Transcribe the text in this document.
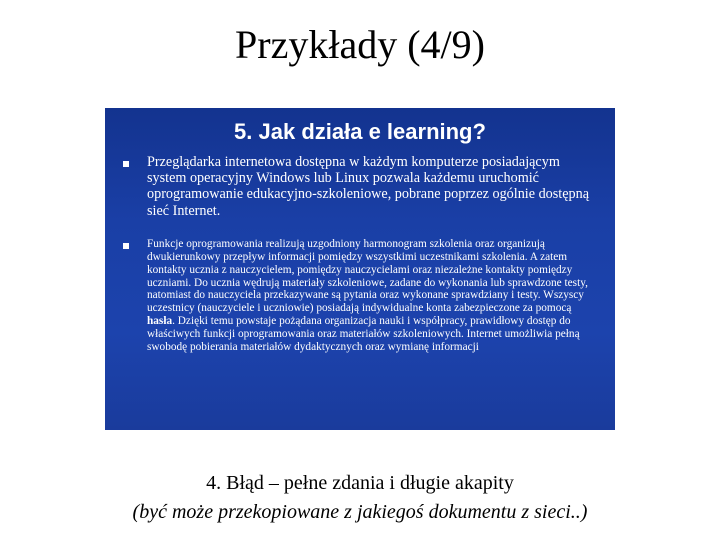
Przykłady (4/9)
5. Jak działa e learning?
Przeglądarka internetowa dostępna w każdym komputerze posiadającym system operacyjny Windows lub Linux pozwala każdemu uruchomić oprogramowanie edukacyjno-szkoleniowe, pobrane poprzez ogólnie dostępną sieć Internet.
Funkcje oprogramowania realizują uzgodniony harmonogram szkolenia oraz organizują dwukierunkowy przepływ informacji pomiędzy wszystkimi uczestnikami szkolenia. A zatem kontakty ucznia z nauczycielem, pomiędzy nauczycielami oraz niezależne kontakty pomiędzy uczniami. Do ucznia wędrują materiały szkoleniowe, zadane do wykonania lub sprawdzone testy, natomiast do nauczyciela przekazywane są pytania oraz wykonane sprawdziany i testy. Wszyscy uczestnicy (nauczyciele i uczniowie) posiadają indywidualne konta zabezpieczone za pomocą hasła. Dzięki temu powstaje pożądana organizacja nauki i współpracy, prawidłowy dostęp do właściwych funkcji oprogramowania oraz materiałów szkoleniowych. Internet umożliwia pełną swobodę pobierania materiałów dydaktycznych oraz wymianę informacji
4. Błąd – pełne zdania i długie akapity
(być może przekopiowane z jakiegoś dokumentu z sieci..)
